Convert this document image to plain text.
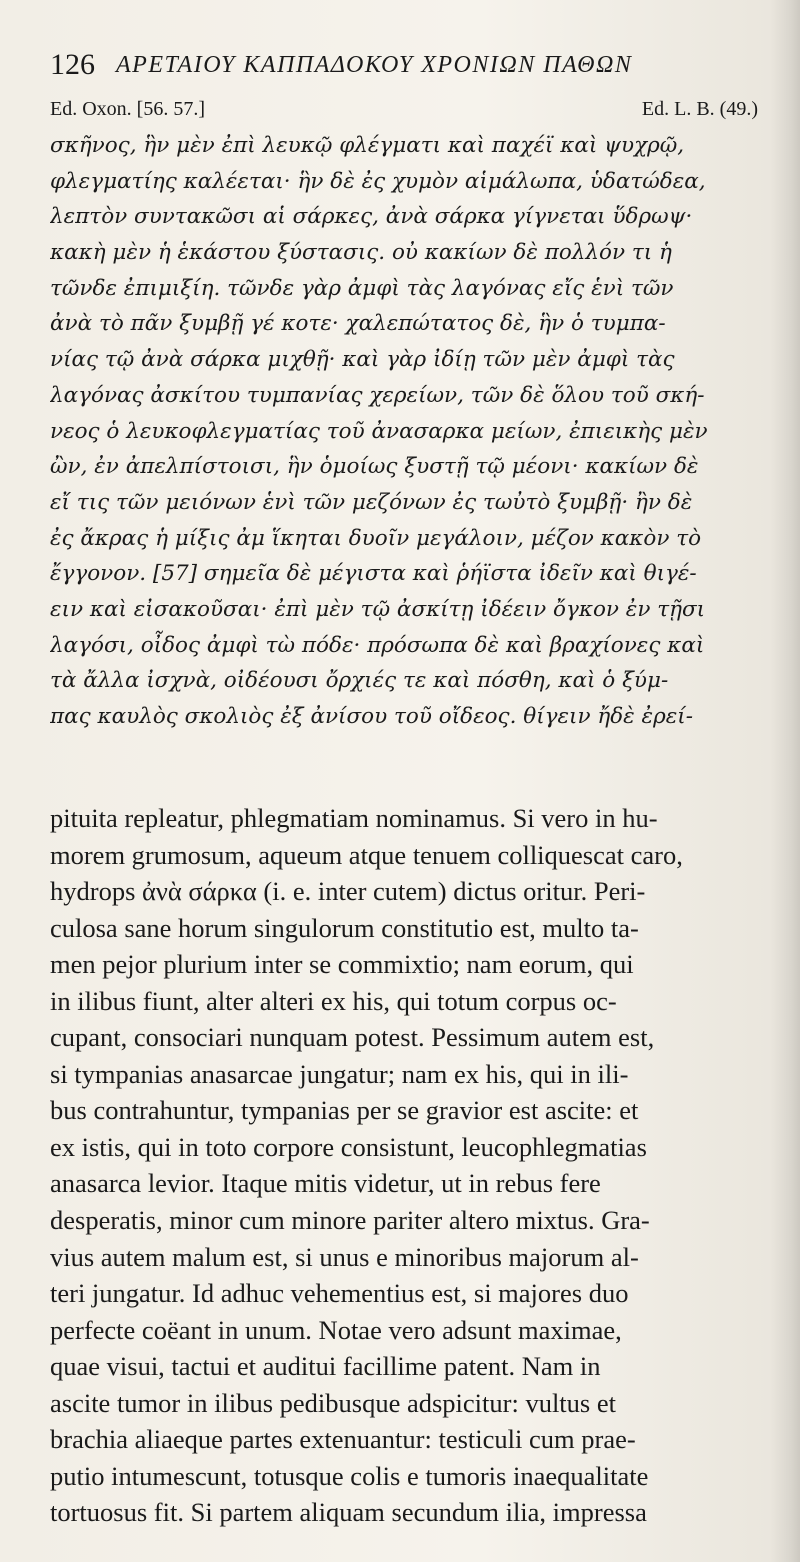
126 ΑΡΕΤΑΙΟΥ ΚΑΠΠΑΔΟΚΟΥ ΧΡΟΝΙΩΝ ΠΑΘΩΝ
Ed. Oxon. [56. 57.]	Ed. L. B. (49.)
σκῆνος, ἣν μὲν ἐπὶ λευκῷ φλέγματι καὶ παχέϊ καὶ ψυχρῷ,
φλεγματίης καλέεται· ἣν δὲ ἐς χυμὸν αἱμάλωπα, ὑδατώδεα,
λεπτὸν συντακῶσι αἱ σάρκες, ἀνὰ σάρκα γίγνεται ὕδρωψ·
κακὴ μὲν ἡ ἑκάστου ξύστασις. οὐ κακίων δὲ πολλόν τι ἡ
τῶνδε ἐπιμιξίη. τῶνδε γὰρ ἀμφὶ τὰς λαγόνας εἴς ἑνὶ τῶν
ἀνὰ τὸ πᾶν ξυμβῇ γέ κοτε· χαλεπώτατος δὲ, ἣν ὁ τυμπα-
νίας τῷ ἀνὰ σάρκα μιχθῇ· καὶ γὰρ ἰδίῃ τῶν μὲν ἀμφὶ τὰς
λαγόνας ἀσκίτου τυμπανίας χερείων, τῶν δὲ ὅλου τοῦ σκή-
νεος ὁ λευκοφλεγματίας τοῦ ἀνασαρκα μείων, ἐπιεικὴς μὲν
ὢν, ἐν ἀπελπίστοισι, ἣν ὁμοίως ξυστῇ τῷ μέονι· κακίων δὲ
εἴ τις τῶν μειόνων ἑνὶ τῶν μεζόνων ἐς τωὐτὸ ξυμβῇ· ἢν δὲ
ἐς ἄκρας ἡ μίξις ἀμ ἵκηται δυοῖν μεγάλοιν, μέζον κακὸν τὸ
ἔγγονον. [57] σημεῖα δὲ μέγιστα καὶ ῥήϊστα ἰδεῖν καὶ θιγέ-
ειν καὶ εἰσακοῦσαι· ἐπὶ μὲν τῷ ἀσκίτῃ ἰδέειν ὄγκον ἐν τῇσι
λαγόσι, οἶδος ἀμφὶ τὼ πόδε· πρόσωπα δὲ καὶ βραχίονες καὶ
τὰ ἄλλα ἰσχνὰ, οἰδέουσι ὄρχιές τε καὶ πόσθη, καὶ ὁ ξύμ-
πας καυλὸς σκολιὸς ἐξ ἀνίσου τοῦ οἴδεος. θίγειν ἤδὲ ἐρεί-
pituita repleatur, phlegmatiam nominamus. Si vero in hu-
morem grumosum, aqueum atque tenuem colliquescat caro,
hydrops ἀνὰ σάρκα (i. e. inter cutem) dictus oritur. Peri-
culosa sane horum singulorum constitutio est, multo ta-
men pejor plurium inter se commixtio; nam eorum, qui
in ilibus fiunt, alter alteri ex his, qui totum corpus oc-
cupant, consociari nunquam potest. Pessimum autem est,
si tympanias anasarcae jungatur; nam ex his, qui in ili-
bus contrahuntur, tympanias per se gravior est ascite: et
ex istis, qui in toto corpore consistunt, leucophlegmatias
anasarca levior. Itaque mitis videtur, ut in rebus fere
desperatis, minor cum minore pariter altero mixtus. Gra-
vius autem malum est, si unus e minoribus majorum al-
teri jungatur. Id adhuc vehementius est, si majores duo
perfecte coëant in unum. Notae vero adsunt maximae,
quae visui, tactui et auditui facillime patent. Nam in
ascite tumor in ilibus pedibusque adspicitur: vultus et
brachia aliaeque partes extenuantur: testiculi cum prae-
putio intumescunt, totusque colis e tumoris inaequalitate
tortuosus fit. Si partem aliquam secundum ilia, impressa
